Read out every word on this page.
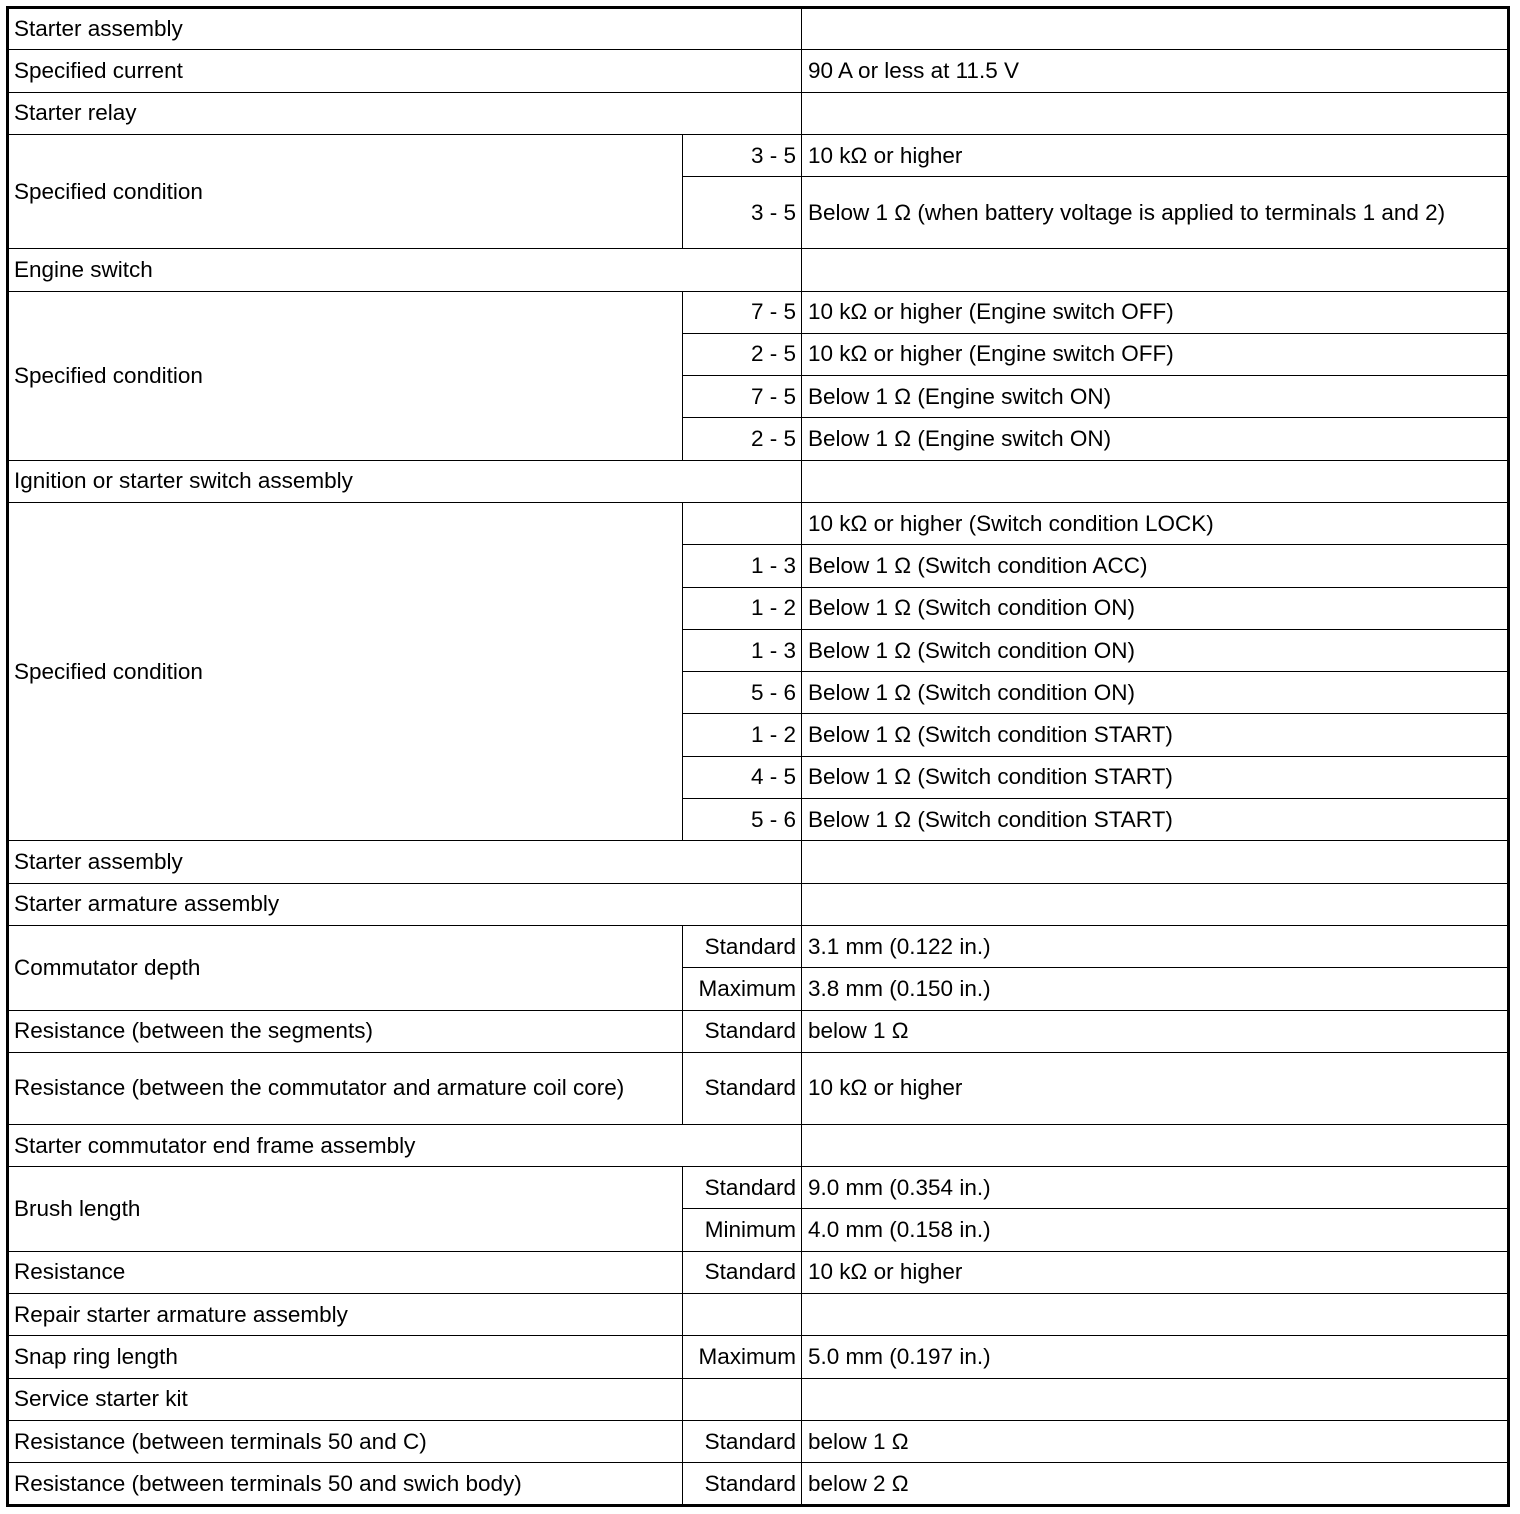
Starter assembly		
Specified current		90 A or less at 11.5 V
Starter relay		
Specified condition	3 - 5	10 kΩ or higher
	3 - 5	Below 1 Ω (when battery voltage is applied to terminals 1 and 2)
Engine switch		
Specified condition	7 - 5	10 kΩ or higher (Engine switch OFF)
	2 - 5	10 kΩ or higher (Engine switch OFF)
	7 - 5	Below 1 Ω (Engine switch ON)
	2 - 5	Below 1 Ω (Engine switch ON)
Ignition or starter switch assembly		
Specified condition		10 kΩ or higher (Switch condition LOCK)
	1 - 3	Below 1 Ω (Switch condition ACC)
	1 - 2	Below 1 Ω (Switch condition ON)
	1 - 3	Below 1 Ω (Switch condition ON)
	5 - 6	Below 1 Ω (Switch condition ON)
	1 - 2	Below 1 Ω (Switch condition START)
	4 - 5	Below 1 Ω (Switch condition START)
	5 - 6	Below 1 Ω (Switch condition START)
Starter assembly		
Starter armature assembly		
Commutator depth	Standard	3.1 mm (0.122 in.)
	Maximum	3.8 mm (0.150 in.)
Resistance (between the segments)	Standard	below 1 Ω
Resistance (between the commutator and armature coil core)	Standard	10 kΩ or higher
Starter commutator end frame assembly		
Brush length	Standard	9.0 mm (0.354 in.)
	Minimum	4.0 mm (0.158 in.)
Resistance	Standard	10 kΩ or higher
Repair starter armature assembly		
Snap ring length	Maximum	5.0 mm (0.197 in.)
Service starter kit		
Resistance (between terminals 50 and C)	Standard	below 1 Ω
Resistance (between terminals 50 and swich body)	Standard	below 2 Ω
